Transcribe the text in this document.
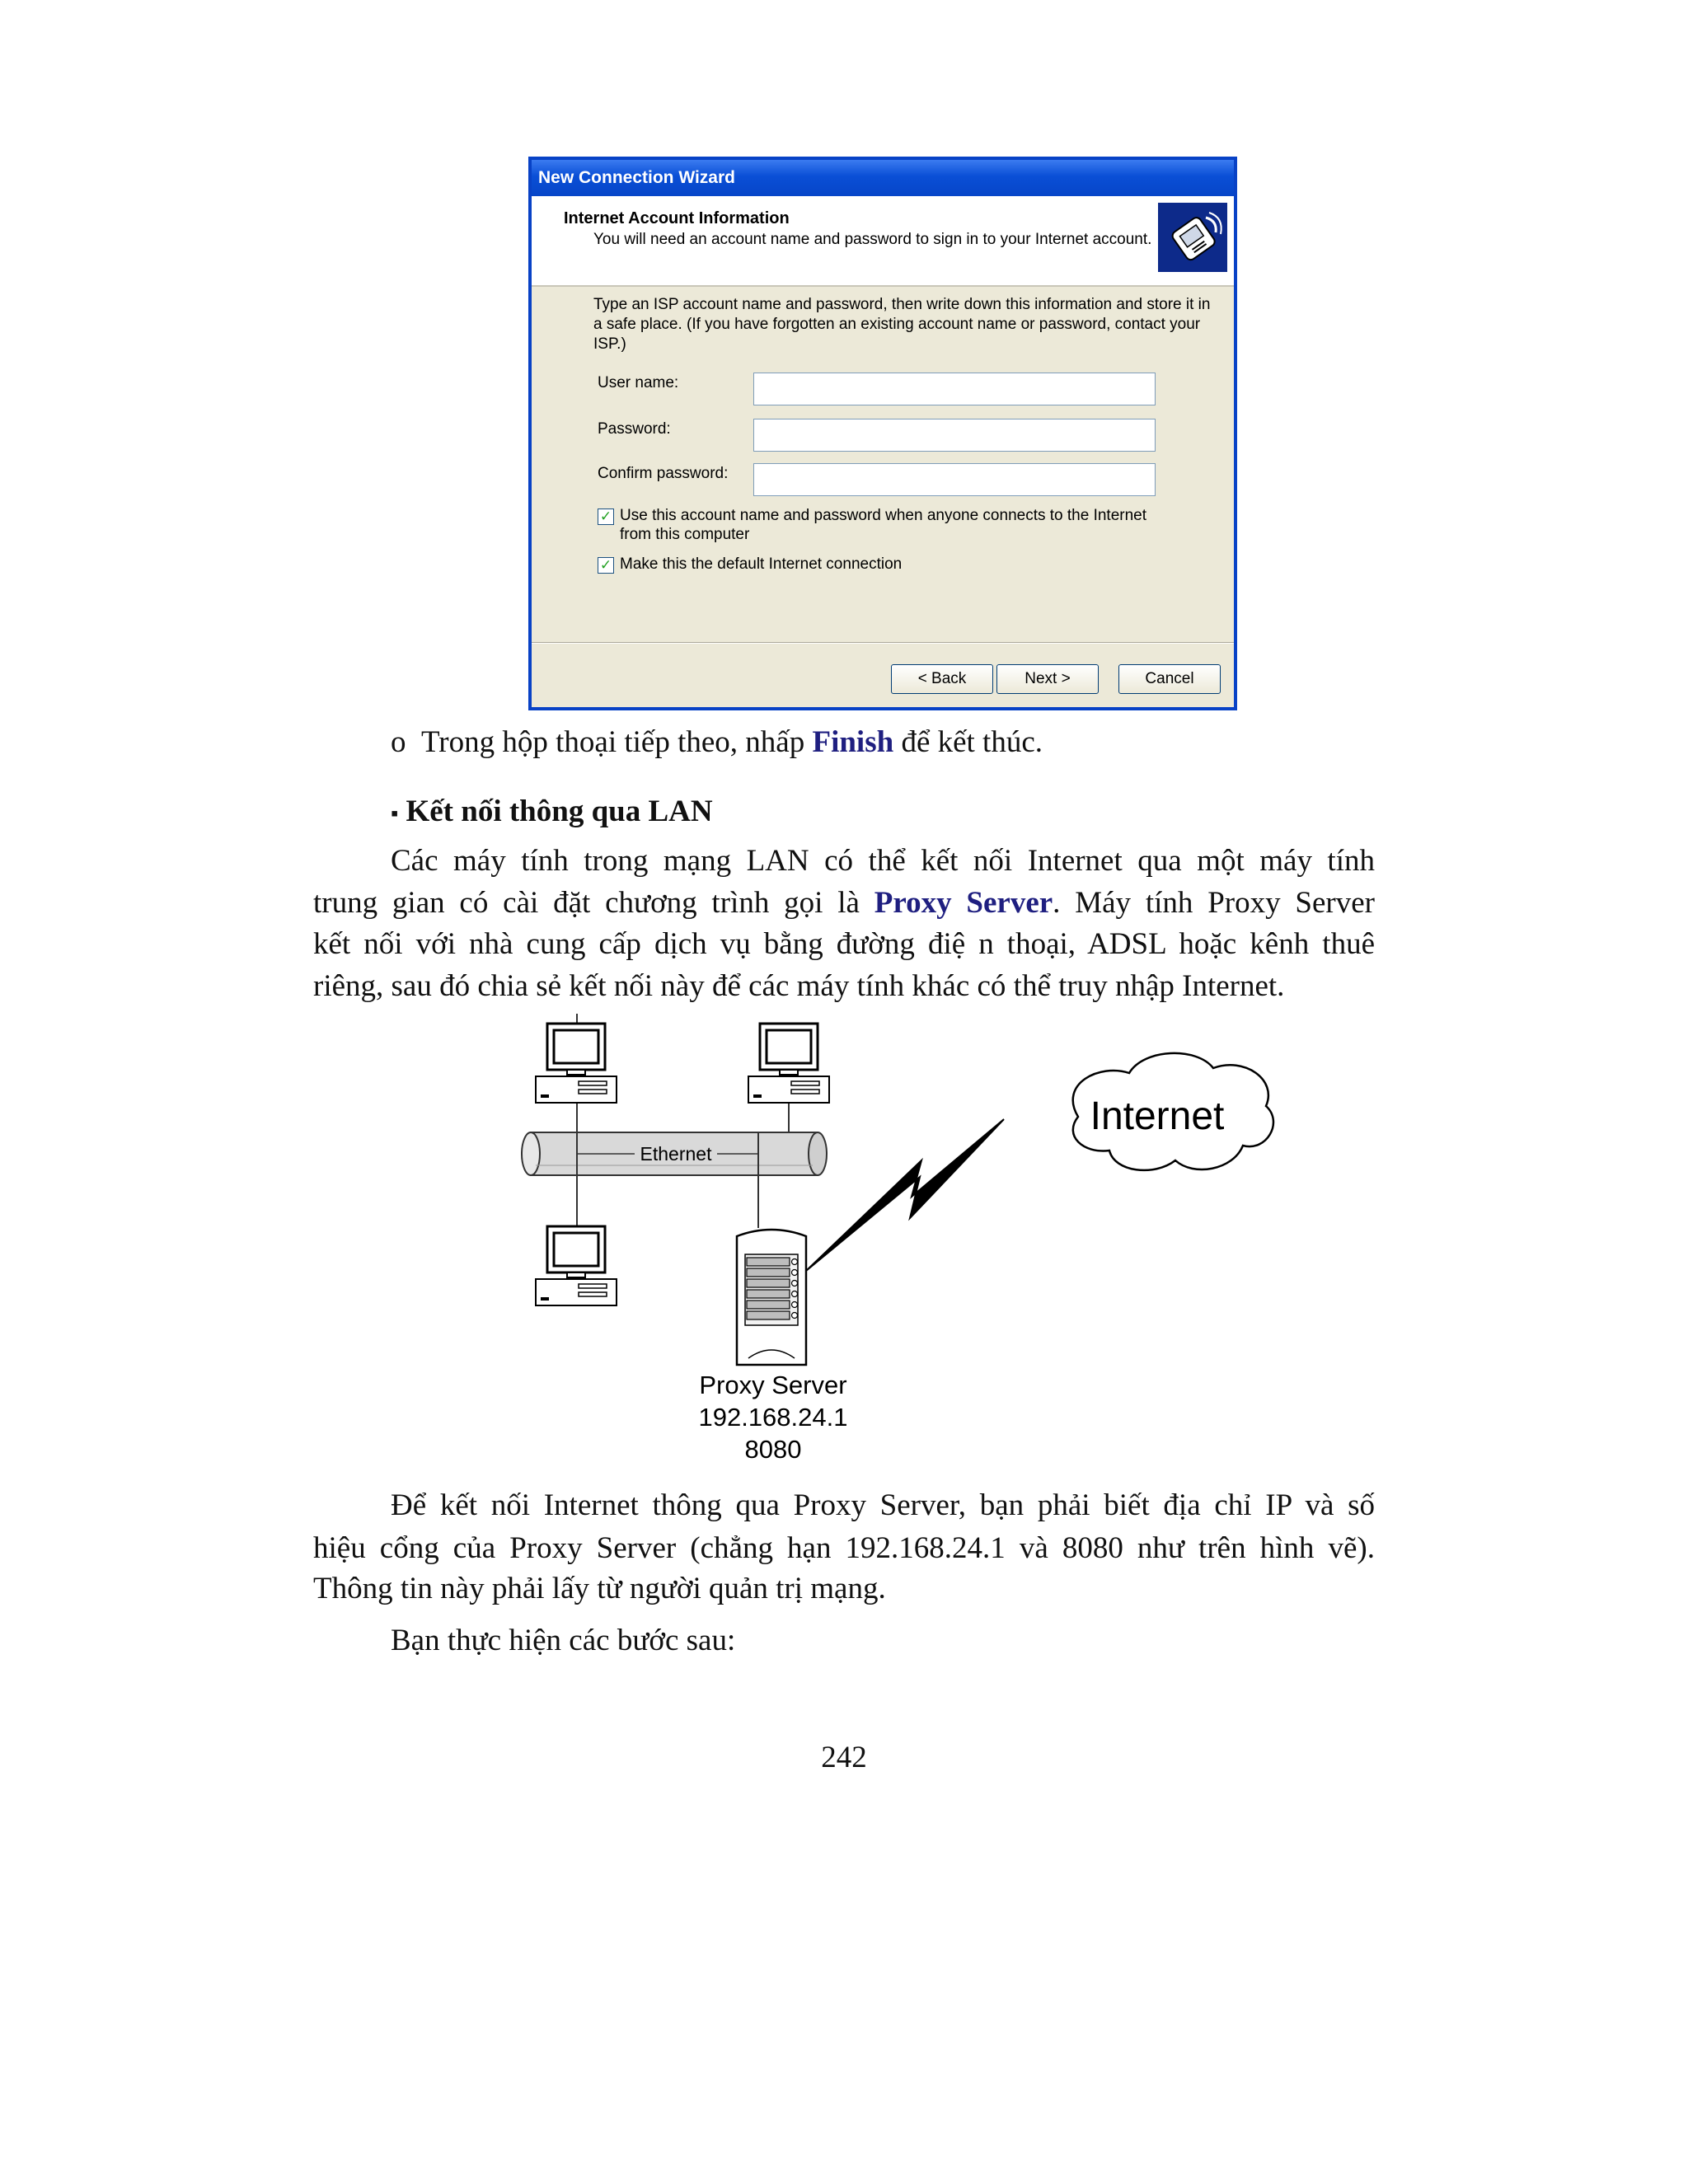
New Connection Wizard
Internet Account Information
You will need an account name and password to sign in to your Internet account.
Type an ISP account name and password, then write down this information and store it in a safe place. (If you have forgotten an existing account name or password, contact your ISP.)
User name:
Password:
Confirm password:
✓ Use this account name and password when anyone connects to the Internet from this computer
✓ Make this the default Internet connection
< Back	Next >	Cancel
o Trong hộp thoại tiếp theo, nhấp Finish để kết thúc.
▪ Kết nối thông qua LAN
Các máy tính trong mạng LAN có thể kết nối Internet qua một máy tính
trung gian có cài đặt chương trình gọi là Proxy Server. Máy tính Proxy Server
kết nối với nhà cung cấp dịch vụ bằng đường điệ n thoại, ADSL hoặc kênh thuê
riêng, sau đó chia sẻ kết nối này để các máy tính khác có thể truy nhập Internet.
Ethernet
Internet
Proxy Server
192.168.24.1
8080
Để kết nối Internet thông qua Proxy Server, bạn phải biết địa chỉ IP và số
hiệu cổng của Proxy Server (chẳng hạn 192.168.24.1 và 8080 như trên hình vẽ).
Thông tin này phải lấy từ người quản trị mạng.
Bạn thực hiện các bước sau:
242
